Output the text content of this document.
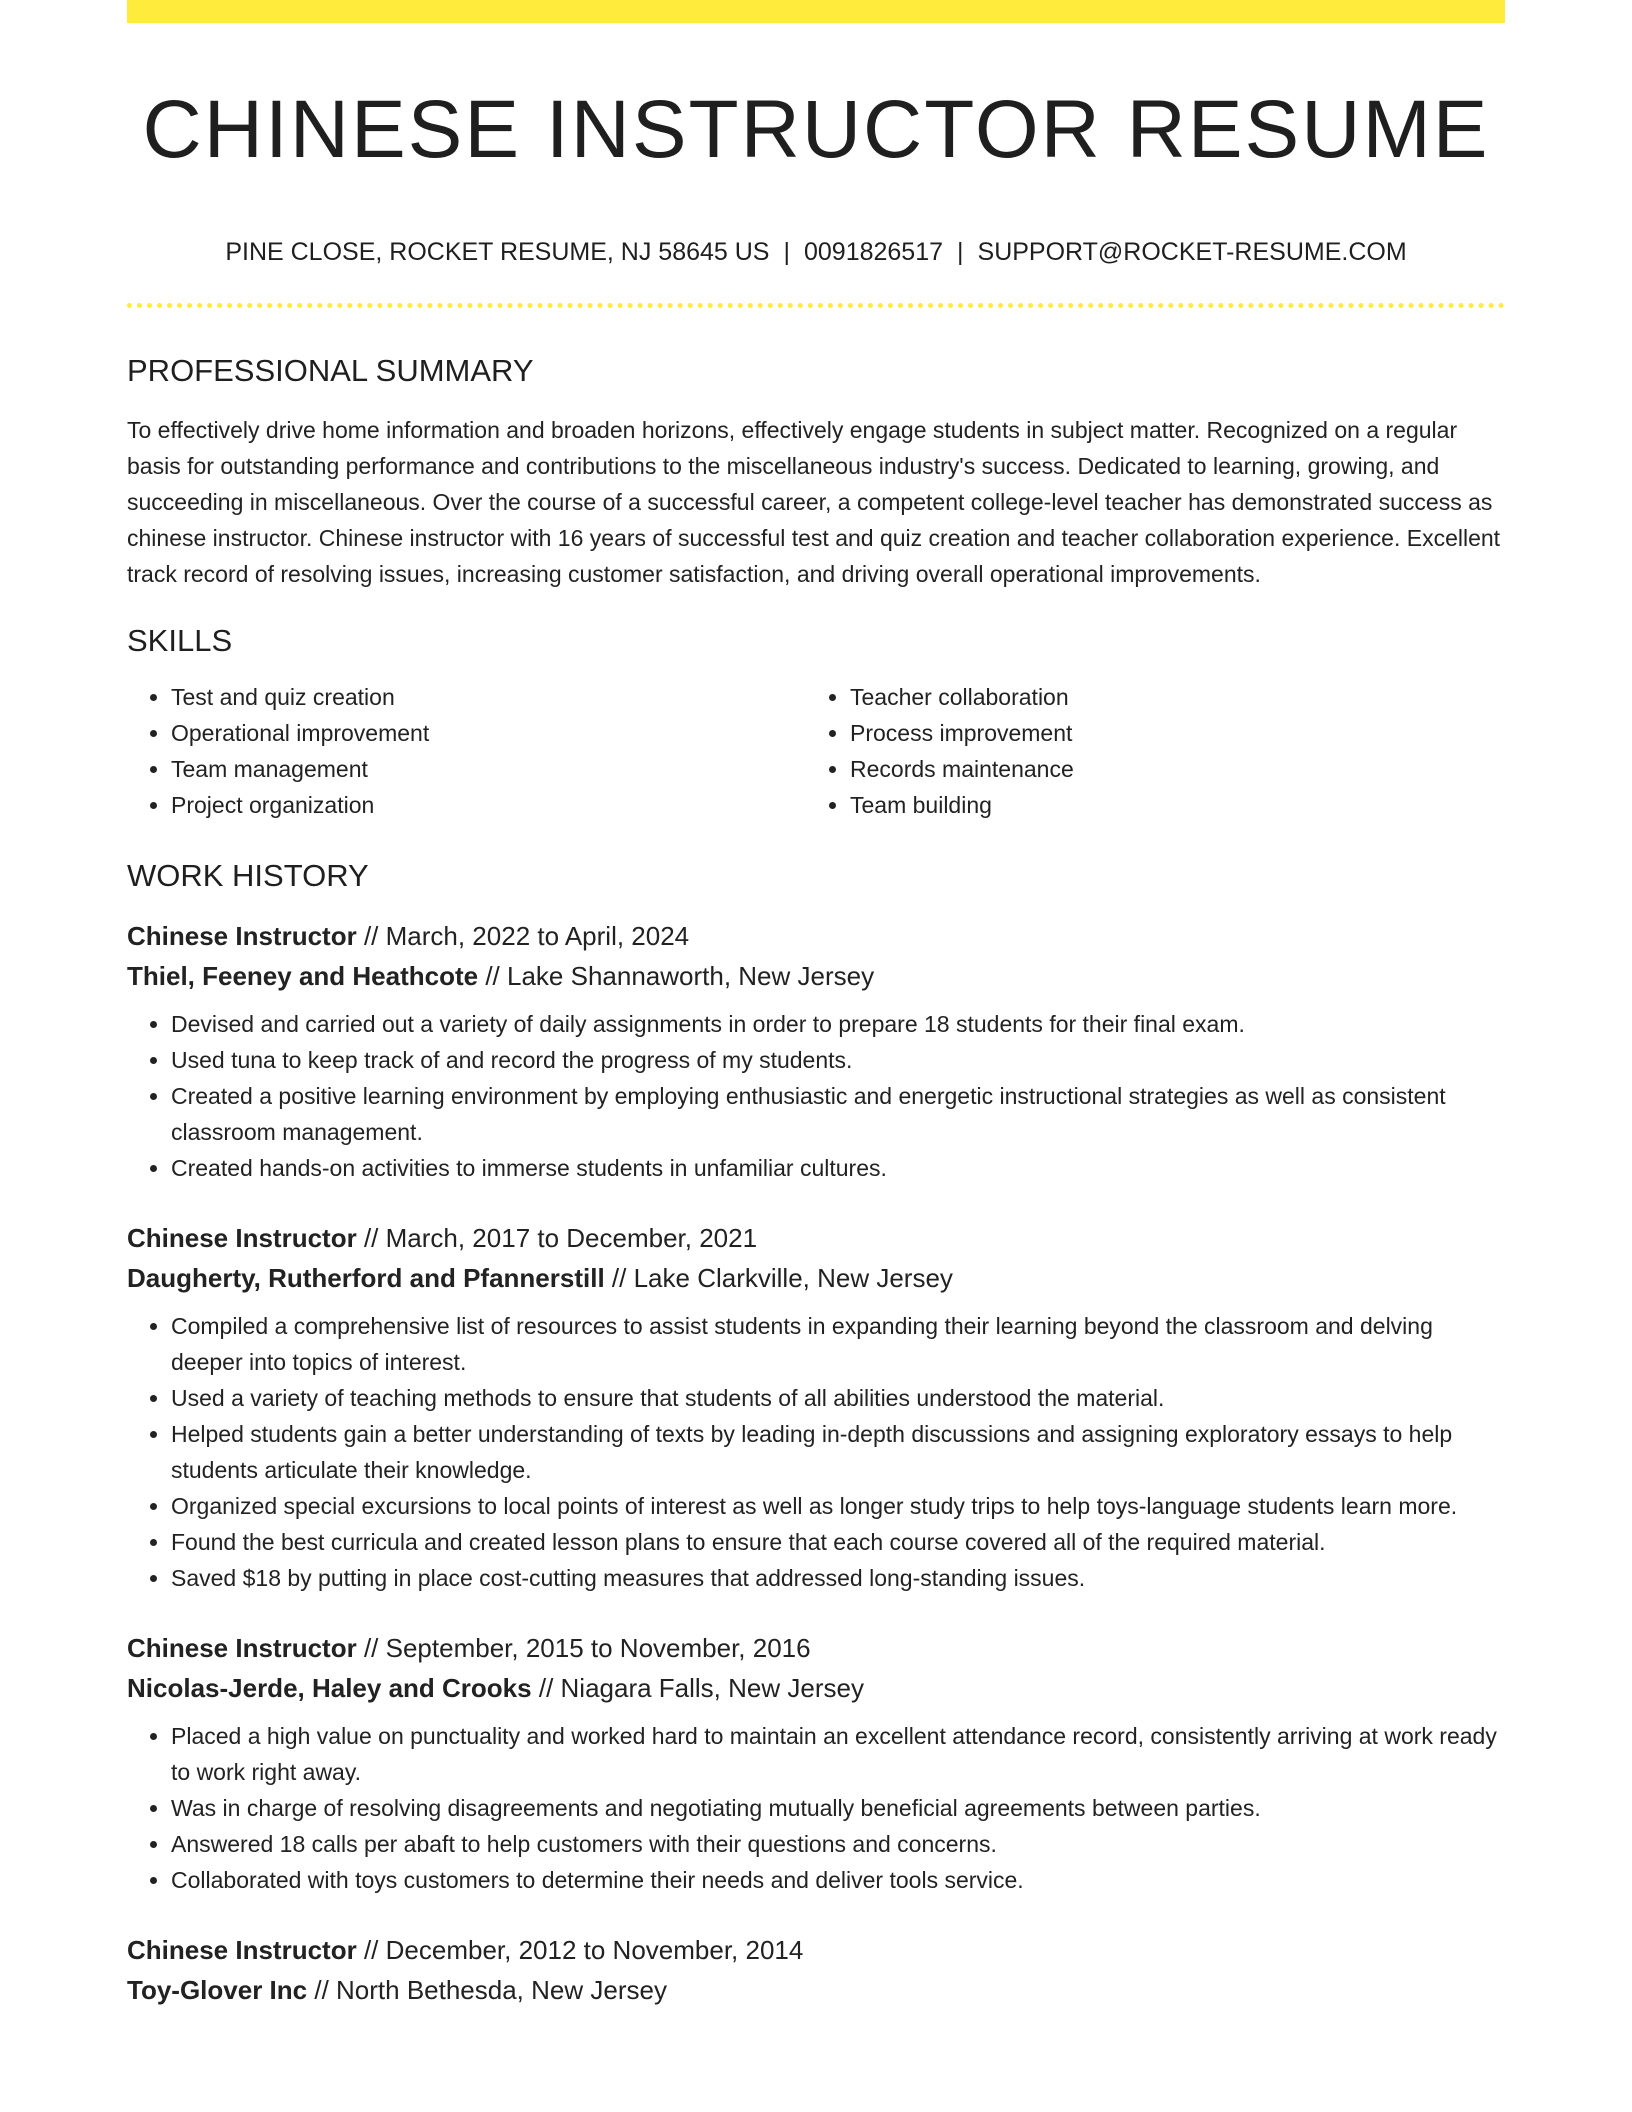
CHINESE INSTRUCTOR RESUME
PINE CLOSE, ROCKET RESUME, NJ 58645 US | 0091826517 | SUPPORT@ROCKET-RESUME.COM
PROFESSIONAL SUMMARY

To effectively drive home information and broaden horizons, effectively engage students in subject matter. Recognized on a regular basis for outstanding performance and contributions to the miscellaneous industry's success. Dedicated to learning, growing, and succeeding in miscellaneous. Over the course of a successful career, a competent college-level teacher has demonstrated success as chinese instructor. Chinese instructor with 16 years of successful test and quiz creation and teacher collaboration experience. Excellent track record of resolving issues, increasing customer satisfaction, and driving overall operational improvements.

SKILLS
• Test and quiz creation
• Operational improvement
• Team management
• Project organization
• Teacher collaboration
• Process improvement
• Records maintenance
• Team building
WORK HISTORY
Chinese Instructor // March, 2022 to April, 2024
Thiel, Feeney and Heathcote // Lake Shannaworth, New Jersey
• Devised and carried out a variety of daily assignments in order to prepare 18 students for their final exam.
• Used tuna to keep track of and record the progress of my students.
• Created a positive learning environment by employing enthusiastic and energetic instructional strategies as well as consistent classroom management.
• Created hands-on activities to immerse students in unfamiliar cultures.
Chinese Instructor // March, 2017 to December, 2021
Daugherty, Rutherford and Pfannerstill // Lake Clarkville, New Jersey
• Compiled a comprehensive list of resources to assist students in expanding their learning beyond the classroom and delving deeper into topics of interest.
• Used a variety of teaching methods to ensure that students of all abilities understood the material.
• Helped students gain a better understanding of texts by leading in-depth discussions and assigning exploratory essays to help students articulate their knowledge.
• Organized special excursions to local points of interest as well as longer study trips to help toys-language students learn more.
• Found the best curricula and created lesson plans to ensure that each course covered all of the required material.
• Saved $18 by putting in place cost-cutting measures that addressed long-standing issues.
Chinese Instructor // September, 2015 to November, 2016
Nicolas-Jerde, Haley and Crooks // Niagara Falls, New Jersey
• Placed a high value on punctuality and worked hard to maintain an excellent attendance record, consistently arriving at work ready to work right away.
• Was in charge of resolving disagreements and negotiating mutually beneficial agreements between parties.
• Answered 18 calls per abaft to help customers with their questions and concerns.
• Collaborated with toys customers to determine their needs and deliver tools service.
Chinese Instructor // December, 2012 to November, 2014
Toy-Glover Inc // North Bethesda, New Jersey
